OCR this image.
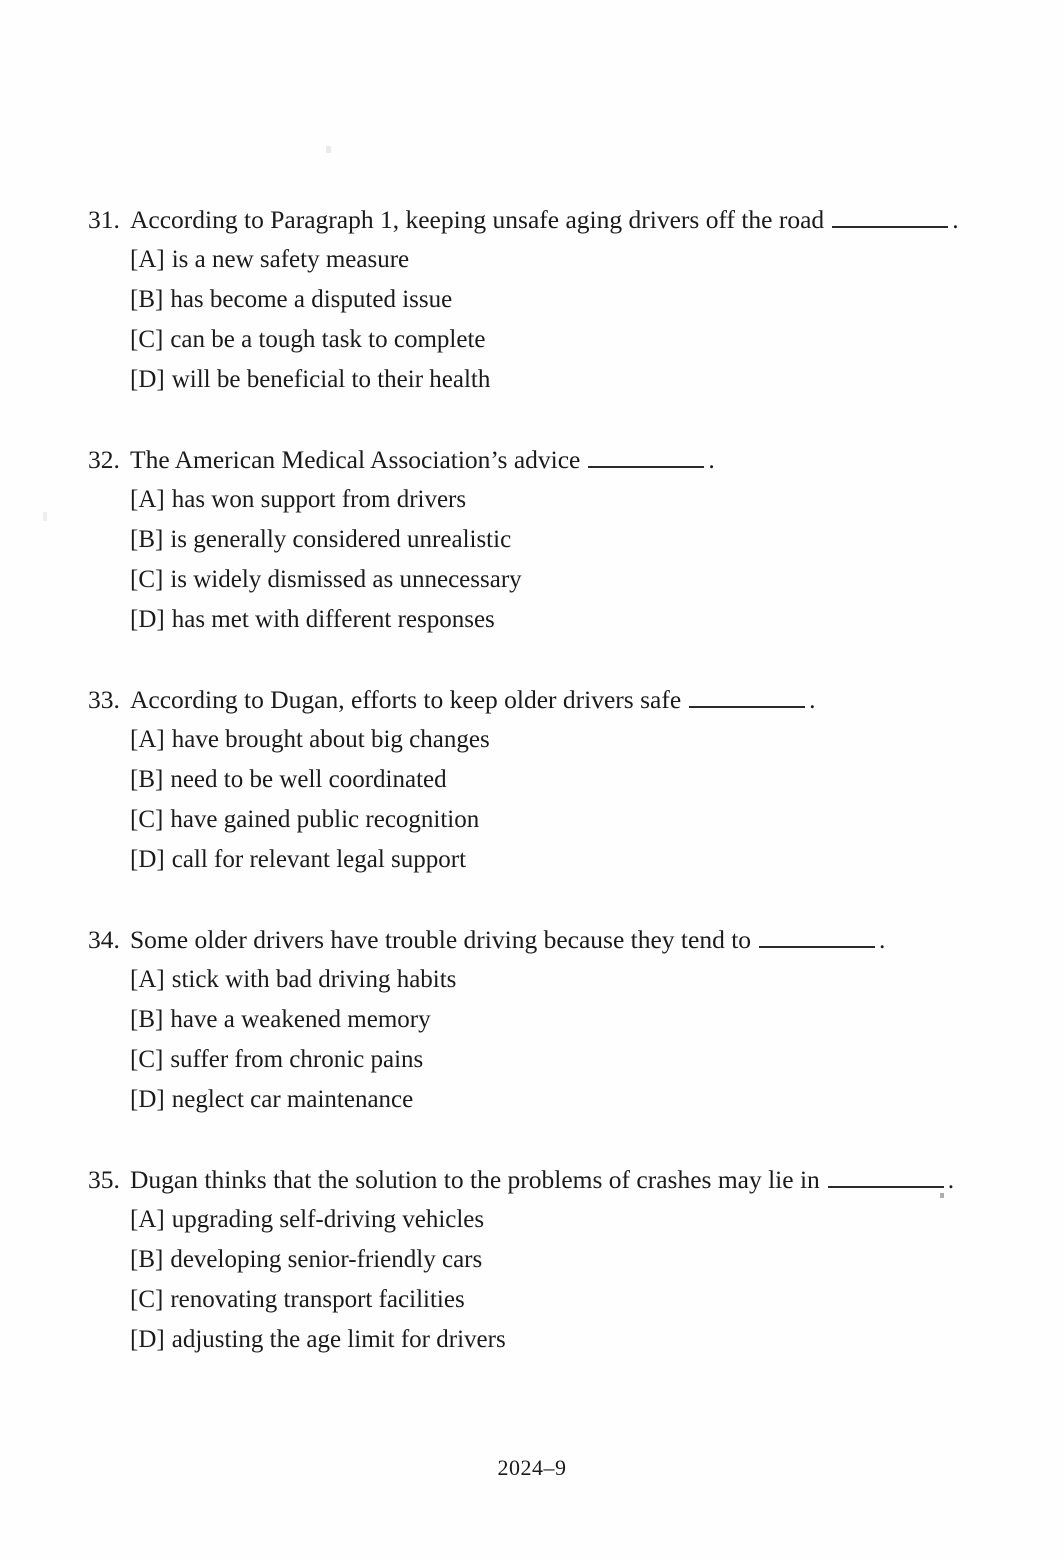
31. According to Paragraph 1, keeping unsafe aging drivers off the road	.
[A] is a new safety measure
[B] has become a disputed issue
[C] can be a tough task to complete
[D] will be beneficial to their health
32. The American Medical Association’s advice	.
[A] has won support from drivers
[B] is generally considered unrealistic
[C] is widely dismissed as unnecessary
[D] has met with different responses
33. According to Dugan, efforts to keep older drivers safe	.
[A] have brought about big changes
[B] need to be well coordinated
[C] have gained public recognition
[D] call for relevant legal support
34. Some older drivers have trouble driving because they tend to	.
[A] stick with bad driving habits
[B] have a weakened memory
[C] suffer from chronic pains
[D] neglect car maintenance
35. Dugan thinks that the solution to the problems of crashes may lie in	.
[A] upgrading self-driving vehicles
[B] developing senior-friendly cars
[C] renovating transport facilities
[D] adjusting the age limit for drivers
2024–9
